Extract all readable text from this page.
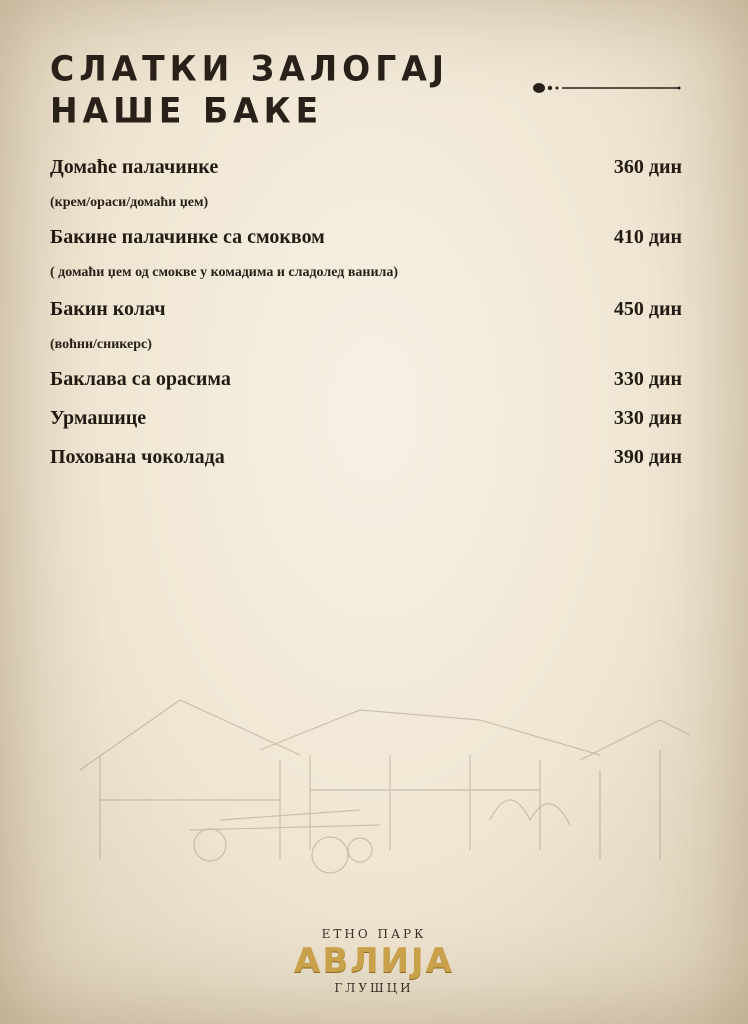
СЛАТКИ ЗАЛОГАЈ
НАШЕ БАКЕ
Домаће палачинке	360 дин
(крем/ораси/домаћи џем)
Бакине палачинке са смоквом	410 дин
( домаћи џем од смокве у комадима и сладолед ванила)
Бакин колач	450 дин
(воћни/сникерс)
Баклава са орасима	330 дин
Урмашице	330 дин
Похована чоколада	390 дин
ЕТНО ПАРК
АВЛИЈА
ГЛУШЦИ
